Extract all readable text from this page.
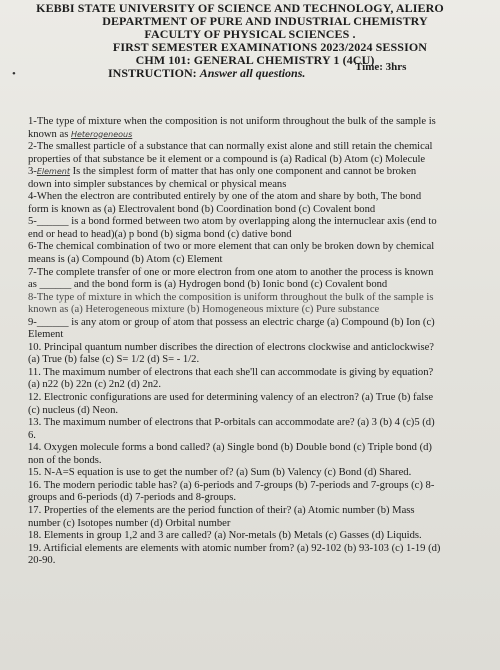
KEBBI STATE UNIVERSITY OF SCIENCE AND TECHNOLOGY, ALIERO
DEPARTMENT OF PURE AND INDUSTRIAL CHEMISTRY
FACULTY OF PHYSICAL SCIENCES .
FIRST SEMESTER EXAMINATIONS 2023/2024 SESSION
CHM 101: GENERAL CHEMISTRY 1 (4CU)
INSTRUCTION: Answer all questions.	Time: 3hrs
•

1-The type of mixture when the composition is not uniform throughout the bulk of the sample is

known as Heterogeneous

2-The smallest particle of a substance that can normally exist alone and still retain the chemical

properties of that substance be it element or a compound is (a) Radical (b) Atom (c) Molecule

3-Element Is the simplest form of matter that has only one component and cannot be broken

down into simpler substances by chemical or physical means

4-When the electron are contributed entirely by one of the atom and share by both, The bond

form is known as (a) Electrovalent bond (b) Coordination bond (c) Covalent bond

5-______ is a bond formed between two atom by overlapping along the internuclear axis (end to

end or head to head)(a) p bond (b) sigma bond (c) dative bond

6-The chemical combination of two or more element that can only be broken down by chemical

means is (a) Compound (b) Atom (c) Element

7-The complete transfer of one or more electron from one atom to another the process is known

as ______ and the bond form is (a) Hydrogen bond (b) Ionic bond (c) Covalent bond

8-The type of mixture in which the composition is uniform throughout the bulk of the sample is

known as (a) Heterogeneous mixture (b) Homogeneous mixture (c) Pure substance

9-______ is any atom or group of atom that possess an electric charge (a) Compound (b) Ion (c)

Element

10. Principal quantum number discribes the direction of electrons clockwise and anticlockwise?

(a) True (b) false (c) S= 1/2 (d) S= - 1/2.

11. The maximum number of electrons that each she'll can accommodate is giving by equation?

(a) n22 (b) 22n (c) 2n2 (d) 2n2.

12. Electronic configurations are used for determining valency of an electron? (a) True (b) false

(c) nucleus (d) Neon.

13. The maximum number of electrons that P-orbitals can accommodate are? (a) 3 (b) 4 (c)5 (d)

6.

14. Oxygen molecule forms a bond called? (a) Single bond (b) Double bond (c) Triple bond (d)

non of the bonds.

15. N-A=S equation is use to get the number of? (a) Sum (b) Valency (c) Bond (d) Shared.

16. The modern periodic table has? (a) 6-periods and 7-groups (b) 7-periods and 7-groups (c) 8-

groups and 6-periods (d) 7-periods and 8-groups.

17. Properties of the elements are the period function of their? (a) Atomic number (b) Mass

number (c) Isotopes number (d) Orbital number

18. Elements in group 1,2 and 3 are called? (a) Nor-metals (b) Metals (c) Gasses (d) Liquids.

19. Artificial elements are elements with atomic number from? (a) 92-102 (b) 93-103 (c) 1-19 (d)

20-90.
